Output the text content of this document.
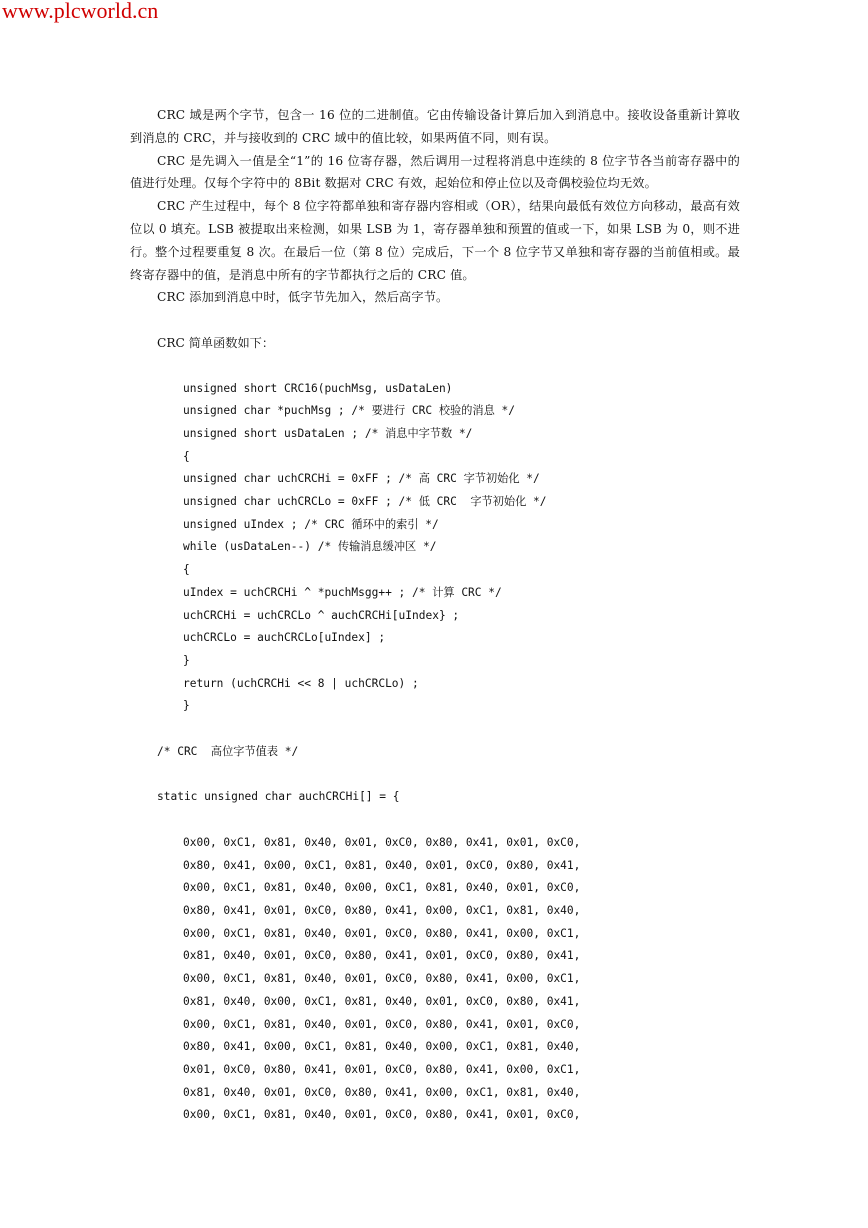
www.plcworld.cn

CRC 域是两个字节，包含一 16 位的二进制值。它由传输设备计算后加入到消息中。接收设备重新计算收到消息的 CRC，并与接收到的 CRC 域中的值比较，如果两值不同，则有误。

CRC 是先调入一值是全“1”的 16 位寄存器，然后调用一过程将消息中连续的 8 位字节各当前寄存器中的值进行处理。仅每个字符中的 8Bit 数据对 CRC 有效，起始位和停止位以及奇偶校验位均无效。

CRC 产生过程中，每个 8 位字符都单独和寄存器内容相或（OR），结果向最低有效位方向移动，最高有效位以 0 填充。LSB 被提取出来检测，如果 LSB 为 1，寄存器单独和预置的值或一下，如果 LSB 为 0，则不进行。整个过程要重复 8 次。在最后一位（第 8 位）完成后，下一个 8 位字节又单独和寄存器的当前值相或。最终寄存器中的值，是消息中所有的字节都执行之后的 CRC 值。

CRC 添加到消息中时，低字节先加入，然后高字节。

CRC 简单函数如下：

unsigned short CRC16(puchMsg, usDataLen)
unsigned char *puchMsg ; /* 要进行 CRC 校验的消息 */
unsigned short usDataLen ; /* 消息中字节数 */
{
unsigned char uchCRCHi = 0xFF ; /* 高 CRC 字节初始化 */
unsigned char uchCRCLo = 0xFF ; /* 低 CRC  字节初始化 */
unsigned uIndex ; /* CRC 循环中的索引 */
while (usDataLen--) /* 传输消息缓冲区 */
{
uIndex = uchCRCHi ^ *puchMsgg++ ; /* 计算 CRC */
uchCRCHi = uchCRCLo ^ auchCRCHi[uIndex} ;
uchCRCLo = auchCRCLo[uIndex] ;
}
return (uchCRCHi << 8 | uchCRCLo) ;
}
/* CRC  高位字节值表 */
static unsigned char auchCRCHi[] = {
0x00, 0xC1, 0x81, 0x40, 0x01, 0xC0, 0x80, 0x41, 0x01, 0xC0,
0x80, 0x41, 0x00, 0xC1, 0x81, 0x40, 0x01, 0xC0, 0x80, 0x41,
0x00, 0xC1, 0x81, 0x40, 0x00, 0xC1, 0x81, 0x40, 0x01, 0xC0,
0x80, 0x41, 0x01, 0xC0, 0x80, 0x41, 0x00, 0xC1, 0x81, 0x40,
0x00, 0xC1, 0x81, 0x40, 0x01, 0xC0, 0x80, 0x41, 0x00, 0xC1,
0x81, 0x40, 0x01, 0xC0, 0x80, 0x41, 0x01, 0xC0, 0x80, 0x41,
0x00, 0xC1, 0x81, 0x40, 0x01, 0xC0, 0x80, 0x41, 0x00, 0xC1,
0x81, 0x40, 0x00, 0xC1, 0x81, 0x40, 0x01, 0xC0, 0x80, 0x41,
0x00, 0xC1, 0x81, 0x40, 0x01, 0xC0, 0x80, 0x41, 0x01, 0xC0,
0x80, 0x41, 0x00, 0xC1, 0x81, 0x40, 0x00, 0xC1, 0x81, 0x40,
0x01, 0xC0, 0x80, 0x41, 0x01, 0xC0, 0x80, 0x41, 0x00, 0xC1,
0x81, 0x40, 0x01, 0xC0, 0x80, 0x41, 0x00, 0xC1, 0x81, 0x40,
0x00, 0xC1, 0x81, 0x40, 0x01, 0xC0, 0x80, 0x41, 0x01, 0xC0,
